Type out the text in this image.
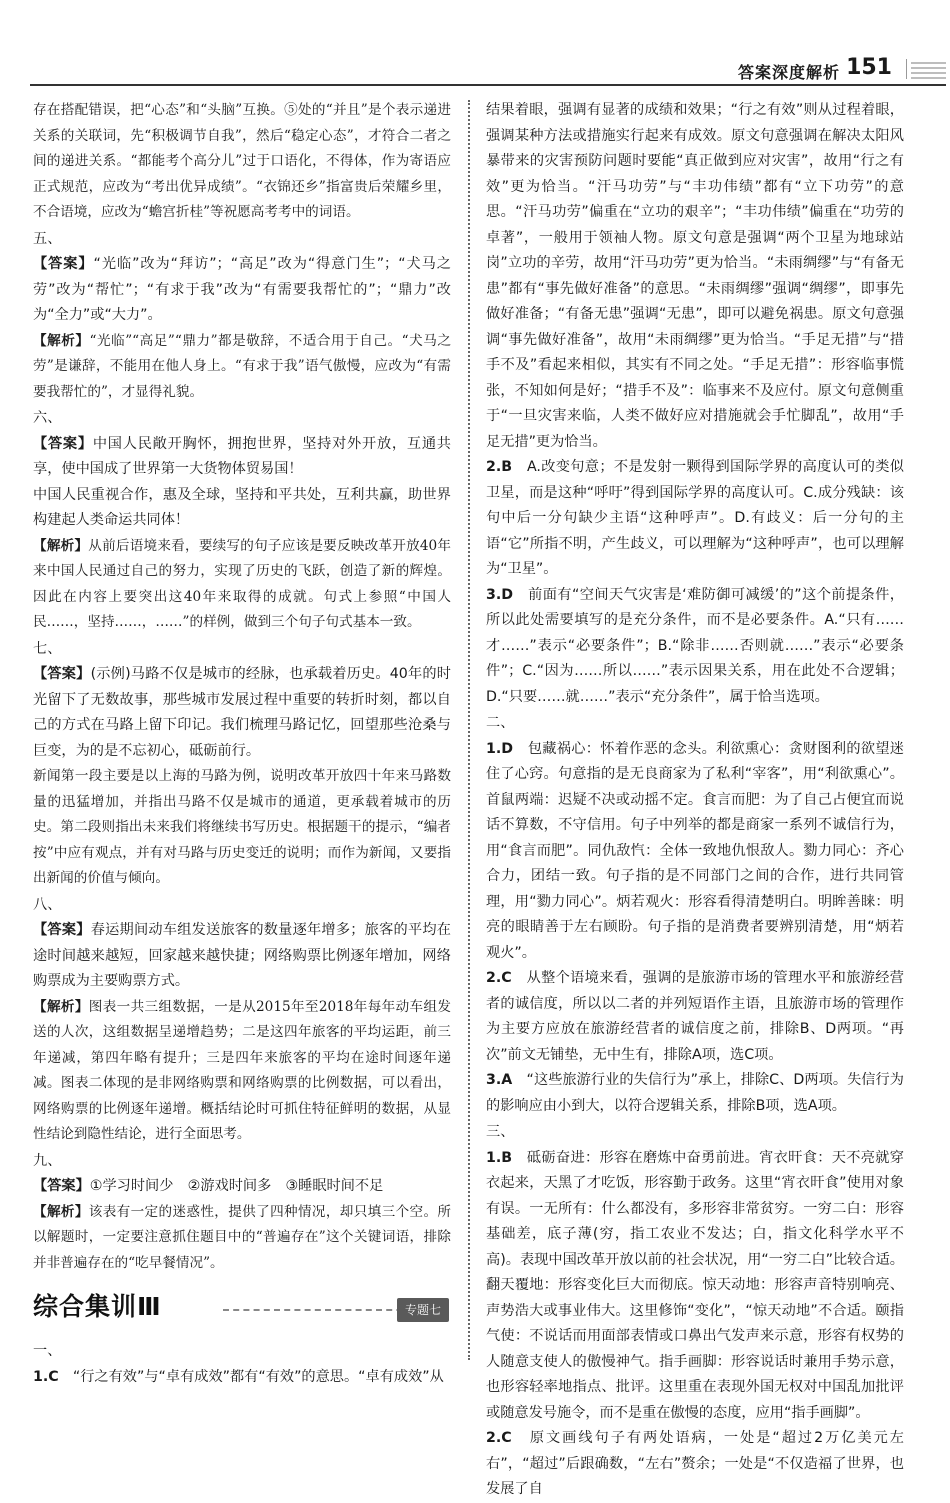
答案深度解析 151
存在搭配错误，把“心态”和“头脑”互换。⑤处的“并且”是个表示递进关系的关联词，先“积极调节自我”，然后“稳定心态”，才符合二者之间的递进关系。“都能考个高分儿”过于口语化，不得体，作为寄语应正式规范，应改为“考出优异成绩”。“衣锦还乡”指富贵后荣耀乡里，不合语境，应改为“蟾宫折桂”等祝愿高考考中的词语。
五、
【答案】“光临”改为“拜访”；“高足”改为“得意门生”；“犬马之劳”改为“帮忙”；“有求于我”改为“有需要我帮忙的”；“鼎力”改为“全力”或“大力”。
【解析】“光临”“高足”“鼎力”都是敬辞，不适合用于自己。“犬马之劳”是谦辞，不能用在他人身上。“有求于我”语气傲慢，应改为“有需要我帮忙的”，才显得礼貌。
六、
【答案】中国人民敞开胸怀，拥抱世界，坚持对外开放，互通共享，使中国成了世界第一大货物体贸易国！
中国人民重视合作，惠及全球，坚持和平共处，互利共赢，助世界构建起人类命运共同体！
【解析】从前后语境来看，要续写的句子应该是要反映改革开放40年来中国人民通过自己的努力，实现了历史的飞跃，创造了新的辉煌。因此在内容上要突出这40年来取得的成就。句式上参照“中国人民……，坚持……，……”的样例，做到三个句子句式基本一致。
七、
【答案】(示例)马路不仅是城市的经脉，也承载着历史。40年的时光留下了无数故事，那些城市发展过程中重要的转折时刻，都以自己的方式在马路上留下印记。我们梳理马路记忆，回望那些沧桑与巨变，为的是不忘初心，砥砺前行。
新闻第一段主要是以上海的马路为例，说明改革开放四十年来马路数量的迅猛增加，并指出马路不仅是城市的通道，更承载着城市的历史。第二段则指出未来我们将继续书写历史。根据题干的提示，“编者按”中应有观点，并有对马路与历史变迁的说明；而作为新闻，又要指出新闻的价值与倾向。
八、
【答案】春运期间动车组发送旅客的数量逐年增多；旅客的平均在途时间越来越短，回家越来越快捷；网络购票比例逐年增加，网络购票成为主要购票方式。
【解析】图表一共三组数据，一是从2015年至2018年每年动车组发送的人次，这组数据呈递增趋势；二是这四年旅客的平均运距，前三年递减，第四年略有提升；三是四年来旅客的平均在途时间逐年递减。图表二体现的是非网络购票和网络购票的比例数据，可以看出，网络购票的比例逐年递增。概括结论时可抓住特征鲜明的数据，从显性结论到隐性结论，进行全面思考。
九、
【答案】①学习时间少　②游戏时间多　③睡眠时间不足
【解析】该表有一定的迷惑性，提供了四种情况，却只填三个空。所以解题时，一定要注意抓住题目中的“普遍存在”这个关键词语，排除并非普遍存在的“吃早餐情况”。
综合集训Ⅲ	专题七
一、
1.C　 “行之有效”与“卓有成效”都有“有效”的意思。“卓有成效”从
结果着眼，强调有显著的成绩和效果；“行之有效”则从过程着眼，强调某种方法或措施实行起来有成效。原文句意强调在解决太阳风暴带来的灾害预防问题时要能“真正做到应对灾害”，故用“行之有效”更为恰当。“汗马功劳”与“丰功伟绩”都有“立下功劳”的意思。“汗马功劳”偏重在“立功的艰辛”；“丰功伟绩”偏重在“功劳的卓著”，一般用于领袖人物。原文句意是强调“两个卫星为地球站岗”立功的辛劳，故用“汗马功劳”更为恰当。“未雨绸缪”与“有备无患”都有“事先做好准备”的意思。“未雨绸缪”强调“绸缪”，即事先做好准备；“有备无患”强调“无患”，即可以避免祸患。原文句意强调“事先做好准备”，故用“未雨绸缪”更为恰当。“手足无措”与“措手不及”看起来相似，其实有不同之处。“手足无措”：形容临事慌张，不知如何是好；“措手不及”：临事来不及应付。原文句意侧重于“一旦灾害来临，人类不做好应对措施就会手忙脚乱”，故用“手足无措”更为恰当。
2.B　 A.改变句意；不是发射一颗得到国际学界的高度认可的类似卫星，而是这种“呼吁”得到国际学界的高度认可。C.成分残缺：该句中后一分句缺少主语“这种呼声”。D.有歧义：后一分句的主语“它”所指不明，产生歧义，可以理解为“这种呼声”，也可以理解为“卫星”。
3.D　 前面有“空间天气灾害是‘难防御可减缓’的”这个前提条件，所以此处需要填写的是充分条件，而不是必要条件。A.“只有……才……”表示“必要条件”；B.“除非……否则就……”表示“必要条件”；C.“因为……所以……”表示因果关系，用在此处不合逻辑；D.“只要……就……”表示“充分条件”，属于恰当选项。
二、
1.D　 包藏祸心：怀着作恶的念头。利欲熏心：贪财图利的欲望迷住了心窍。句意指的是无良商家为了私利“宰客”，用“利欲熏心”。首鼠两端：迟疑不决或动摇不定。食言而肥：为了自己占便宜而说话不算数，不守信用。句子中列举的都是商家一系列不诚信行为，用“食言而肥”。同仇敌忾：全体一致地仇恨敌人。勠力同心：齐心合力，团结一致。句子指的是不同部门之间的合作，进行共同管理，用“勠力同心”。炳若观火：形容看得清楚明白。明眸善睐：明亮的眼睛善于左右顾盼。句子指的是消费者要辨别清楚，用“炳若观火”。
2.C　 从整个语境来看，强调的是旅游市场的管理水平和旅游经营者的诚信度，所以以二者的并列短语作主语，且旅游市场的管理作为主要方应放在旅游经营者的诚信度之前，排除B、D两项。“再次”前文无铺垫，无中生有，排除A项，选C项。
3.A　 “这些旅游行业的失信行为”承上，排除C、D两项。失信行为的影响应由小到大，以符合逻辑关系，排除B项，选A项。
三、
1.B　 砥砺奋进：形容在磨炼中奋勇前进。宵衣旰食：天不亮就穿衣起来，天黑了才吃饭，形容勤于政务。这里“宵衣旰食”使用对象有误。一无所有：什么都没有，多形容非常贫穷。一穷二白：形容基础差，底子薄(穷，指工农业不发达；白，指文化科学水平不高)。表现中国改革开放以前的社会状况，用“一穷二白”比较合适。翻天覆地：形容变化巨大而彻底。惊天动地：形容声音特别响亮、声势浩大或事业伟大。这里修饰“变化”，“惊天动地”不合适。颐指气使：不说话而用面部表情或口鼻出气发声来示意，形容有权势的人随意支使人的傲慢神气。指手画脚：形容说话时兼用手势示意，也形容轻率地指点、批评。这里重在表现外国无权对中国乱加批评或随意发号施令，而不是重在傲慢的态度，应用“指手画脚”。
2.C　 原文画线句子有两处语病，一处是“超过2万亿美元左右”，“超过”后跟确数，“左右”赘余；一处是“不仅造福了世界，也发展了自
